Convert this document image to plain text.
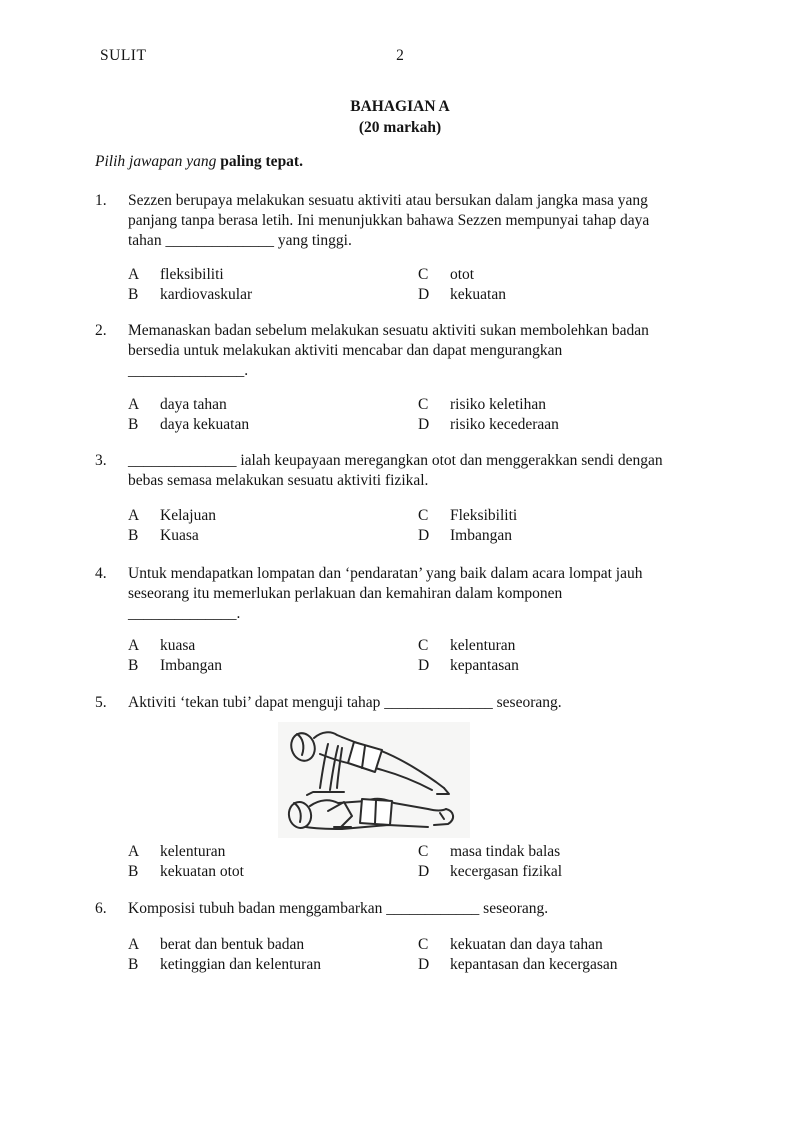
SULIT	2
BAHAGIAN A
(20 markah)

Pilih jawapan yang paling tepat.

1.	Sezzen berupaya melakukan sesuatu aktiviti atau bersukan dalam jangka masa yang
panjang tanpa berasa letih. Ini menunjukkan bahawa Sezzen mempunyai tahap daya
tahan ______________ yang tinggi.
A	fleksibiliti	C	otot
B	kardiovaskular	D	kekuatan
2.	Memanaskan badan sebelum melakukan sesuatu aktiviti sukan membolehkan badan
bersedia untuk melakukan aktiviti mencabar dan dapat mengurangkan
_______________.
A	daya tahan	C	risiko keletihan
B	daya kekuatan	D	risiko kecederaan
3.	______________ ialah keupayaan meregangkan otot dan menggerakkan sendi dengan
bebas semasa melakukan sesuatu aktiviti fizikal.
A	Kelajuan	C	Fleksibiliti
B	Kuasa	D	Imbangan
4.	Untuk mendapatkan lompatan dan ‘pendaratan’ yang baik dalam acara lompat jauh
seseorang itu memerlukan perlakuan dan kemahiran dalam komponen
______________.
A	kuasa	C	kelenturan
B	Imbangan	D	kepantasan
5.	Aktiviti ‘tekan tubi’ dapat menguji tahap ______________ seseorang.
A	kelenturan	C	masa tindak balas
B	kekuatan otot	D	kecergasan fizikal
6.	Komposisi tubuh badan menggambarkan ____________ seseorang.
A	berat dan bentuk badan	C	kekuatan dan daya tahan
B	ketinggian dan kelenturan	D	kepantasan dan kecergasan
